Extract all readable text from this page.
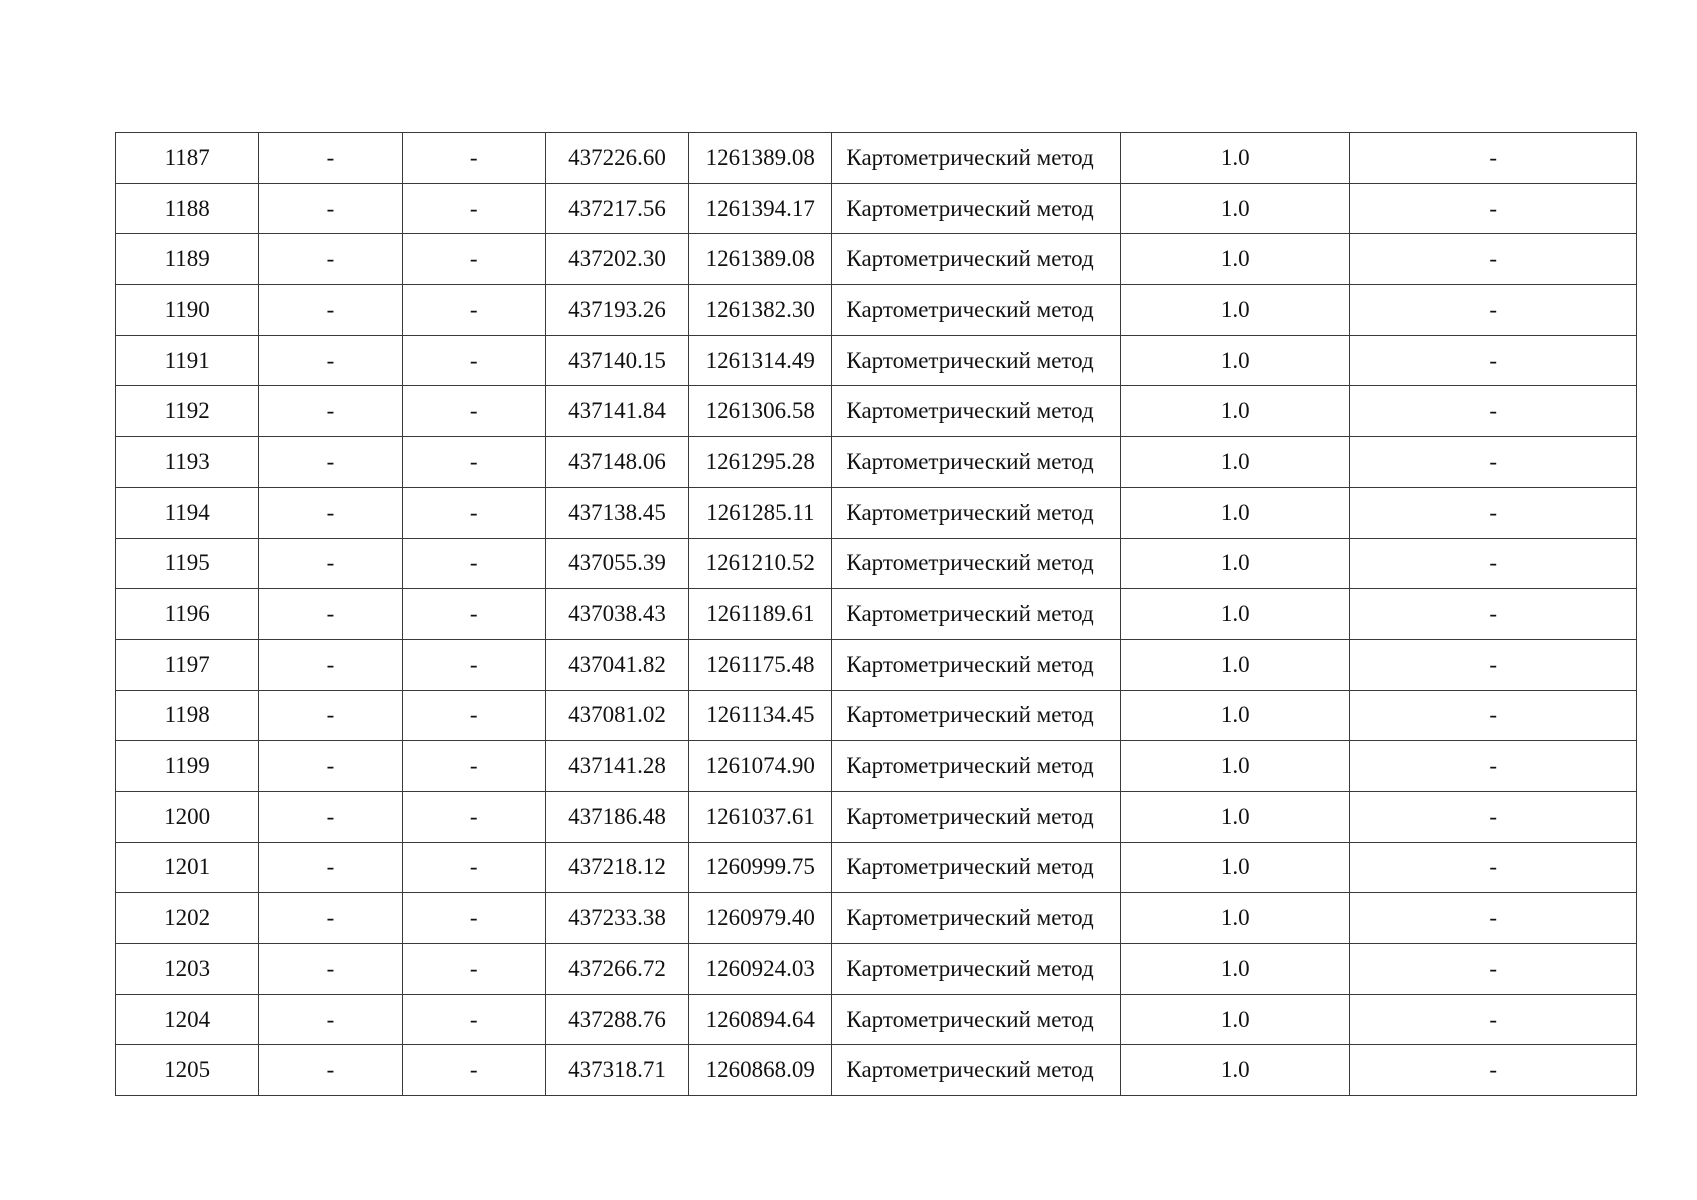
1187	-	-	437226.60	1261389.08	Картометрический метод	1.0	-
1188	-	-	437217.56	1261394.17	Картометрический метод	1.0	-
1189	-	-	437202.30	1261389.08	Картометрический метод	1.0	-
1190	-	-	437193.26	1261382.30	Картометрический метод	1.0	-
1191	-	-	437140.15	1261314.49	Картометрический метод	1.0	-
1192	-	-	437141.84	1261306.58	Картометрический метод	1.0	-
1193	-	-	437148.06	1261295.28	Картометрический метод	1.0	-
1194	-	-	437138.45	1261285.11	Картометрический метод	1.0	-
1195	-	-	437055.39	1261210.52	Картометрический метод	1.0	-
1196	-	-	437038.43	1261189.61	Картометрический метод	1.0	-
1197	-	-	437041.82	1261175.48	Картометрический метод	1.0	-
1198	-	-	437081.02	1261134.45	Картометрический метод	1.0	-
1199	-	-	437141.28	1261074.90	Картометрический метод	1.0	-
1200	-	-	437186.48	1261037.61	Картометрический метод	1.0	-
1201	-	-	437218.12	1260999.75	Картометрический метод	1.0	-
1202	-	-	437233.38	1260979.40	Картометрический метод	1.0	-
1203	-	-	437266.72	1260924.03	Картометрический метод	1.0	-
1204	-	-	437288.76	1260894.64	Картометрический метод	1.0	-
1205	-	-	437318.71	1260868.09	Картометрический метод	1.0	-
